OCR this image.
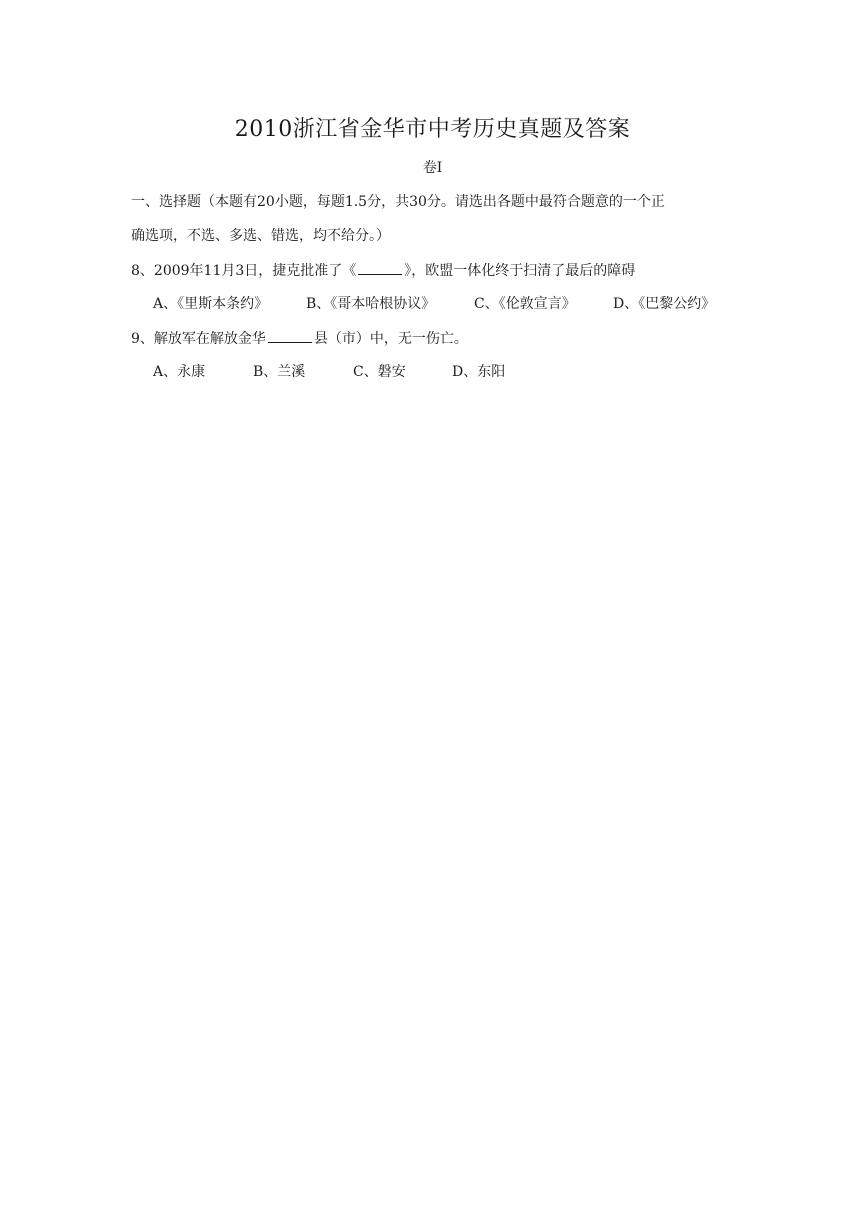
2010浙江省金华市中考历史真题及答案
卷Ⅰ
一、选择题（本题有20小题，每题1.5分，共30分。请选出各题中最符合题意的一个正
确选项，不选、多选、错选，均不给分。）
8、2009年11月3日，捷克批准了《	》，欧盟一体化终于扫清了最后的障碍
A、《里斯本条约》	B、《哥本哈根协议》	C、《伦敦宣言》	D、《巴黎公约》
9、解放军在解放金华	县（市）中，无一伤亡。
A、永康	B、兰溪	C、磐安	D、东阳
